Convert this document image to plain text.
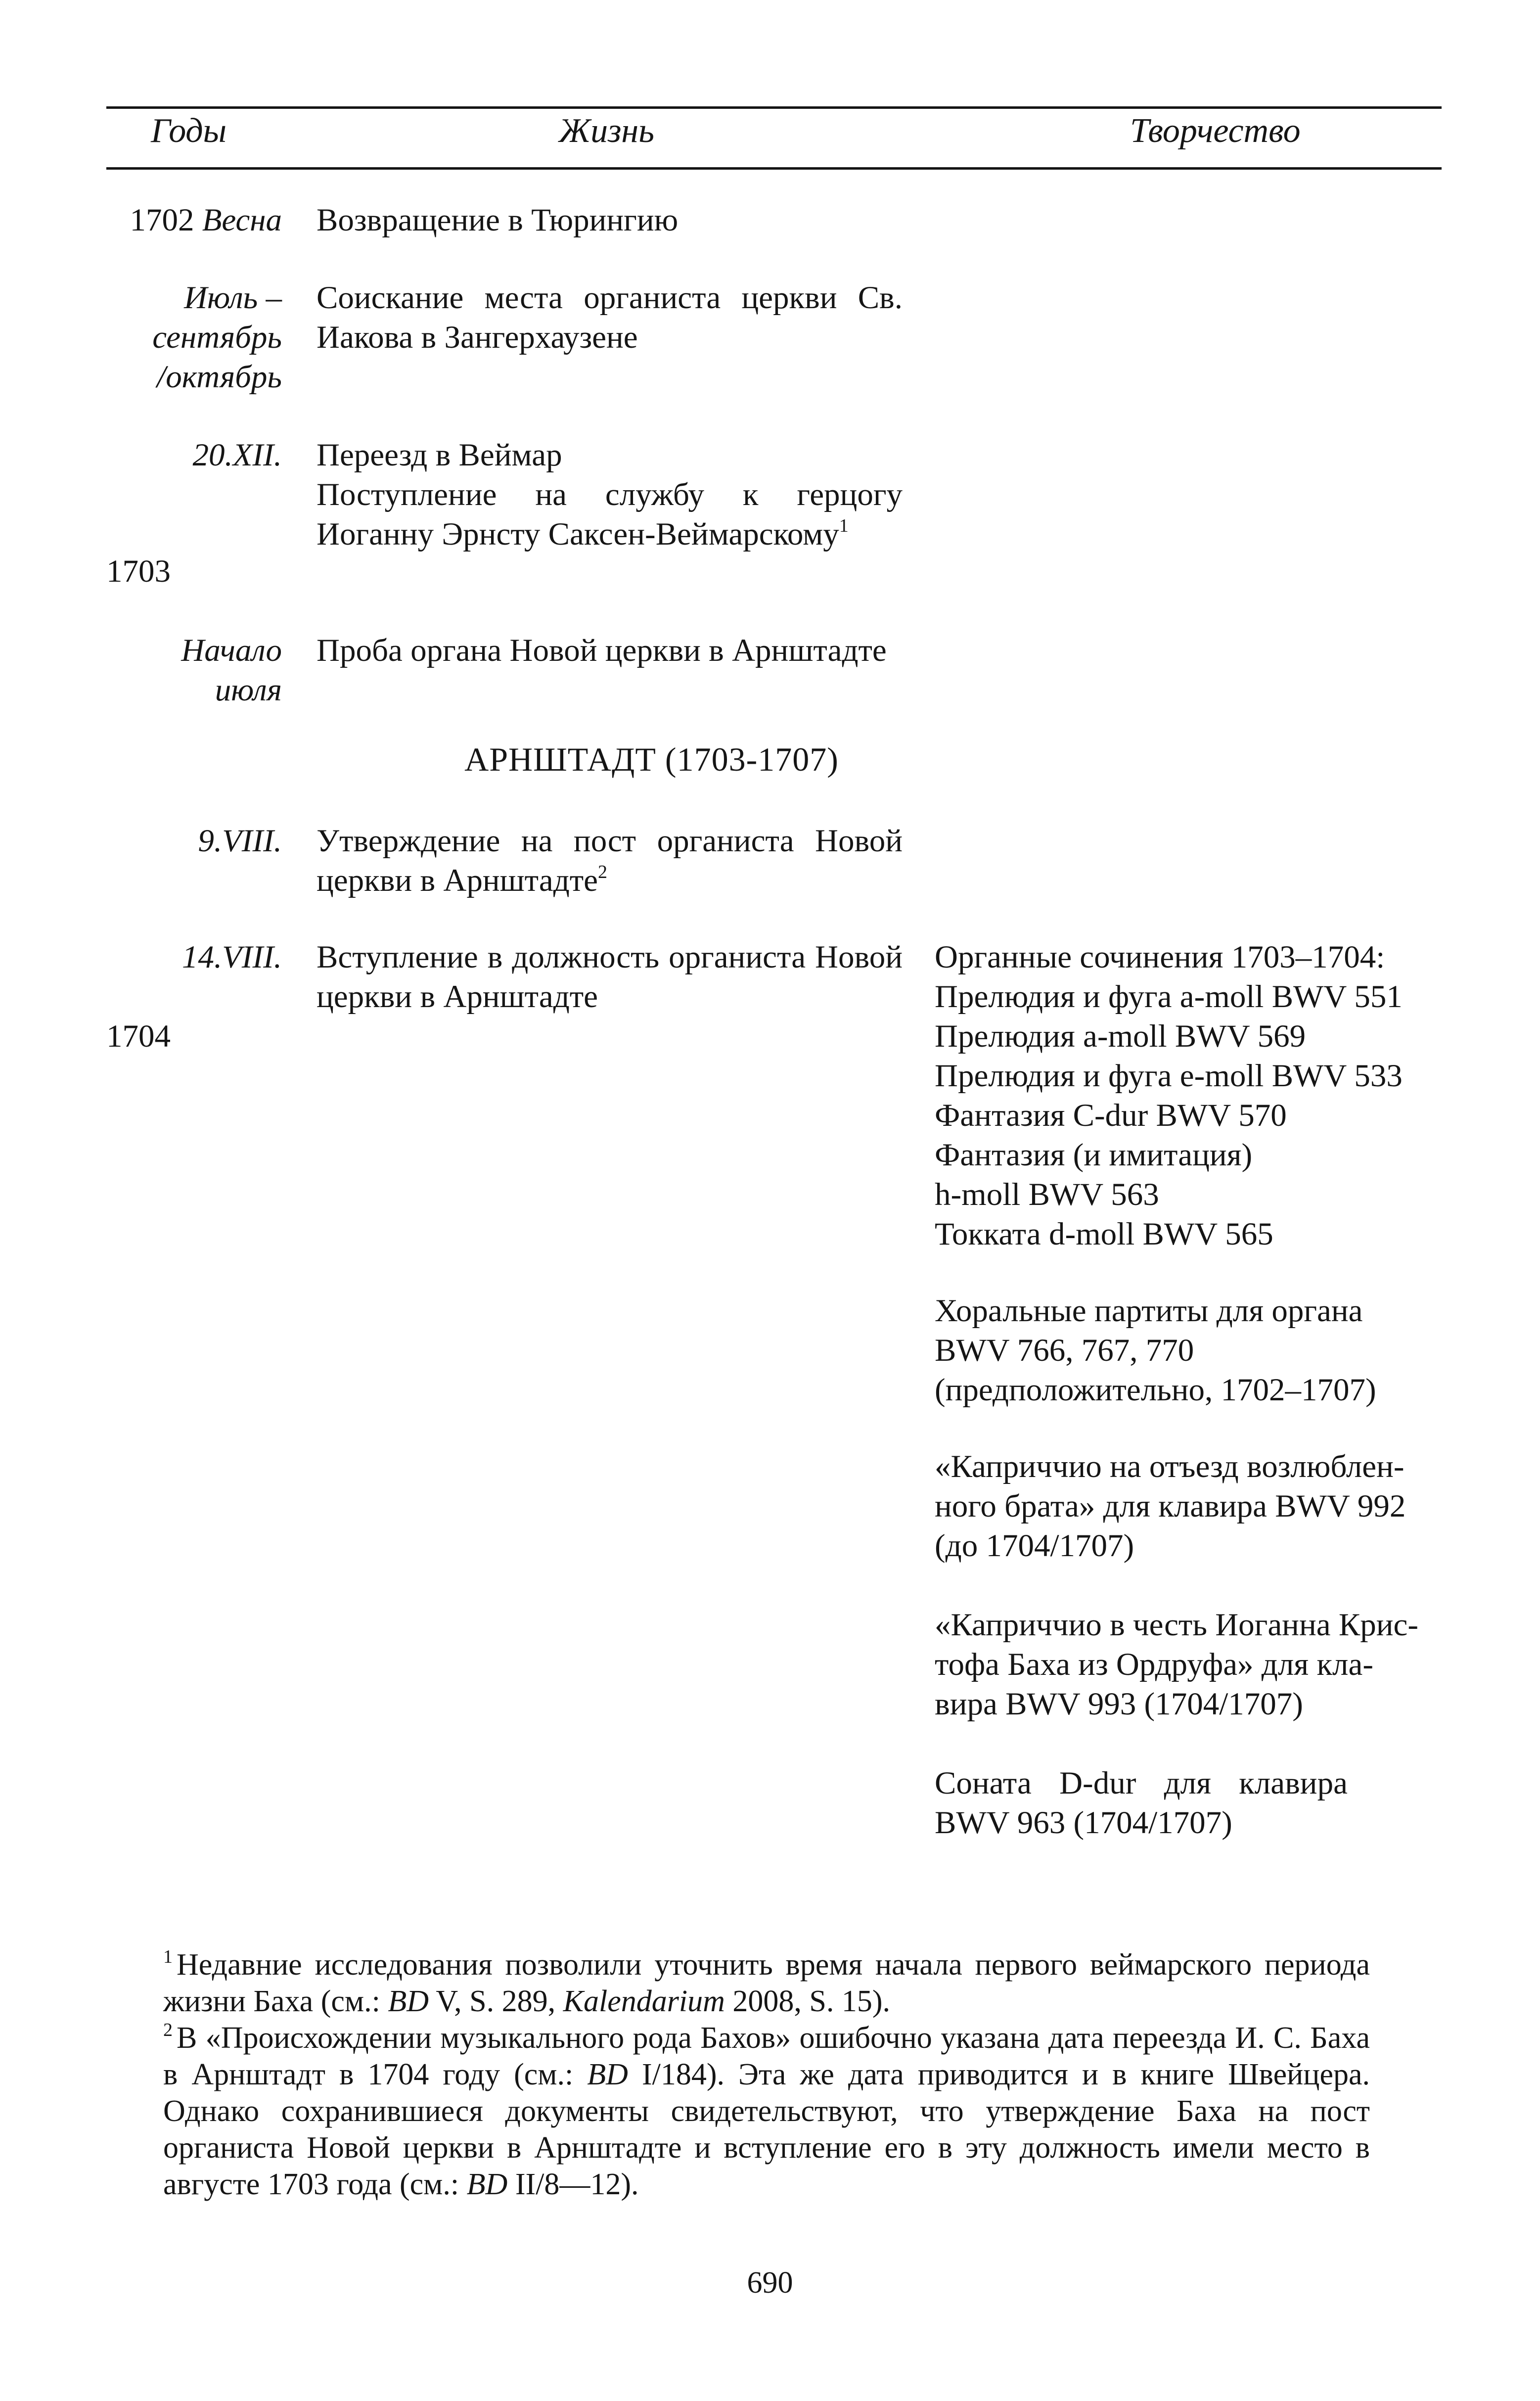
Годы	Жизнь	Творчество
1702 Весна Возвращение в Тюрингию
Июль –
сентябрь
/октябрь
Соискание места органиста церкви Св. Иакова в Зангерхаузене
20.XII. Переезд в Веймар
Поступление на службу к герцогу Иоганну Эрнсту Саксен-Веймарскому$^1$
1703
Начало
июля
Проба органа Новой церкви в Арнштадте
АРНШТАДТ (1703-1707)
9.VIII. Утверждение на пост органиста Новой церкви в Арнштадте$^2$
14.VIII. Вступление в должность органиста Новой церкви в Арнштадте
1704
Органные сочинения 1703–1704:
Прелюдия и фуга a-moll BWV 551
Прелюдия a-moll BWV 569
Прелюдия и фуга e-moll BWV 533
Фантазия C-dur BWV 570
Фантазия (и имитация)
h-moll BWV 563
Токката d-moll BWV 565
Хоральные партиты для органа
BWV 766, 767, 770
(предположительно, 1702–1707)
«Каприччио на отъезд возлюблен-
ного брата» для клавира BWV 992
(до 1704/1707)
«Каприччио в честь Иоганна Крис-
тофа Баха из Ордруфа» для кла-
вира BWV 993 (1704/1707)
Соната D-dur для клавира
BWV 963 (1704/1707)
$^1$ Недавние исследования позволили уточнить время начала первого веймарского периода жизни Баха (см.: BD V, S. 289, Kalendarium 2008, S. 15).
$^2$ В «Происхождении музыкального рода Бахов» ошибочно указана дата переезда И. С. Баха в Арнштадт в 1704 году (см.: BD I/184). Эта же дата приводится и в книге Швейцера. Однако сохранившиеся документы свидетельствуют, что утверждение Баха на пост органиста Новой церкви в Арнштадте и вступление его в эту должность имели место в августе 1703 года (см.: BD II/8—12).
690
